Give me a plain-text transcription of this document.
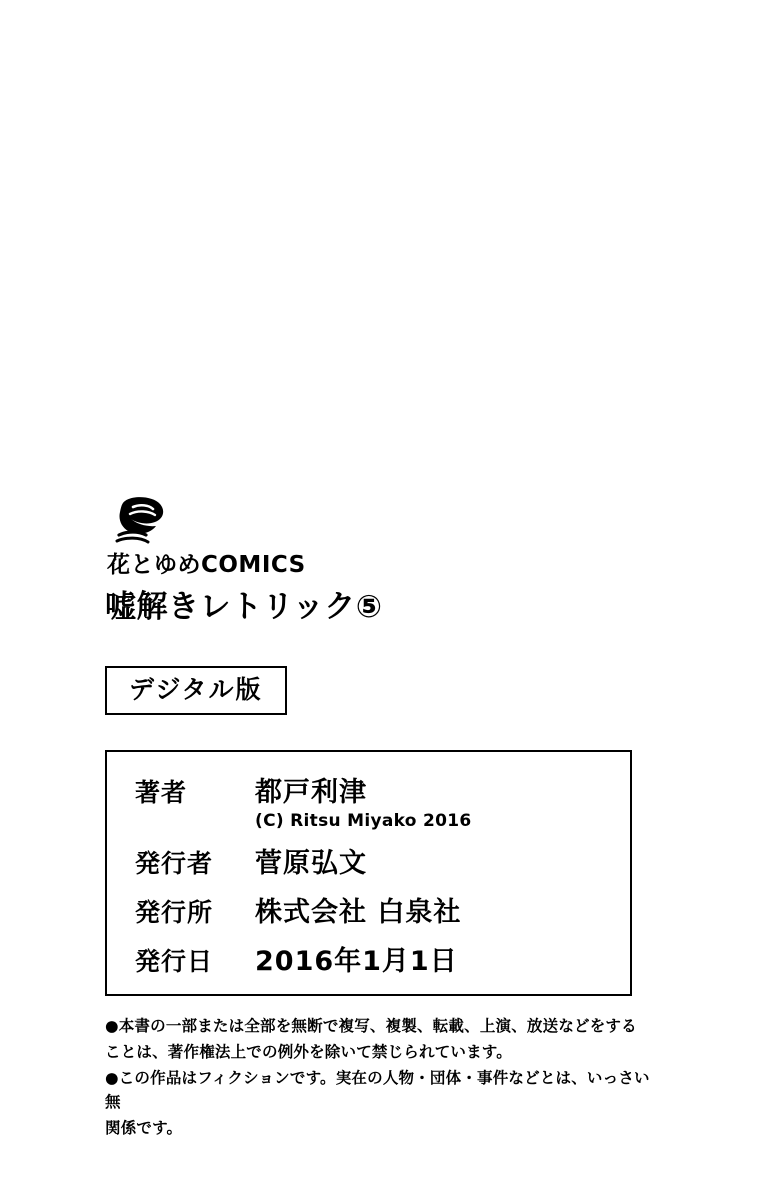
花とゆめCOMICS
嘘解きレトリック⑤
デジタル版
著者	都戸利津
(C) Ritsu Miyako 2016
発行者	菅原弘文
発行所	株式会社 白泉社
発行日	2016年1月1日

●本書の一部または全部を無断で複写、複製、転載、上演、放送などをする

ことは、著作権法上での例外を除いて禁じられています。

●この作品はフィクションです。実在の人物・団体・事件などとは、いっさい無

関係です。
